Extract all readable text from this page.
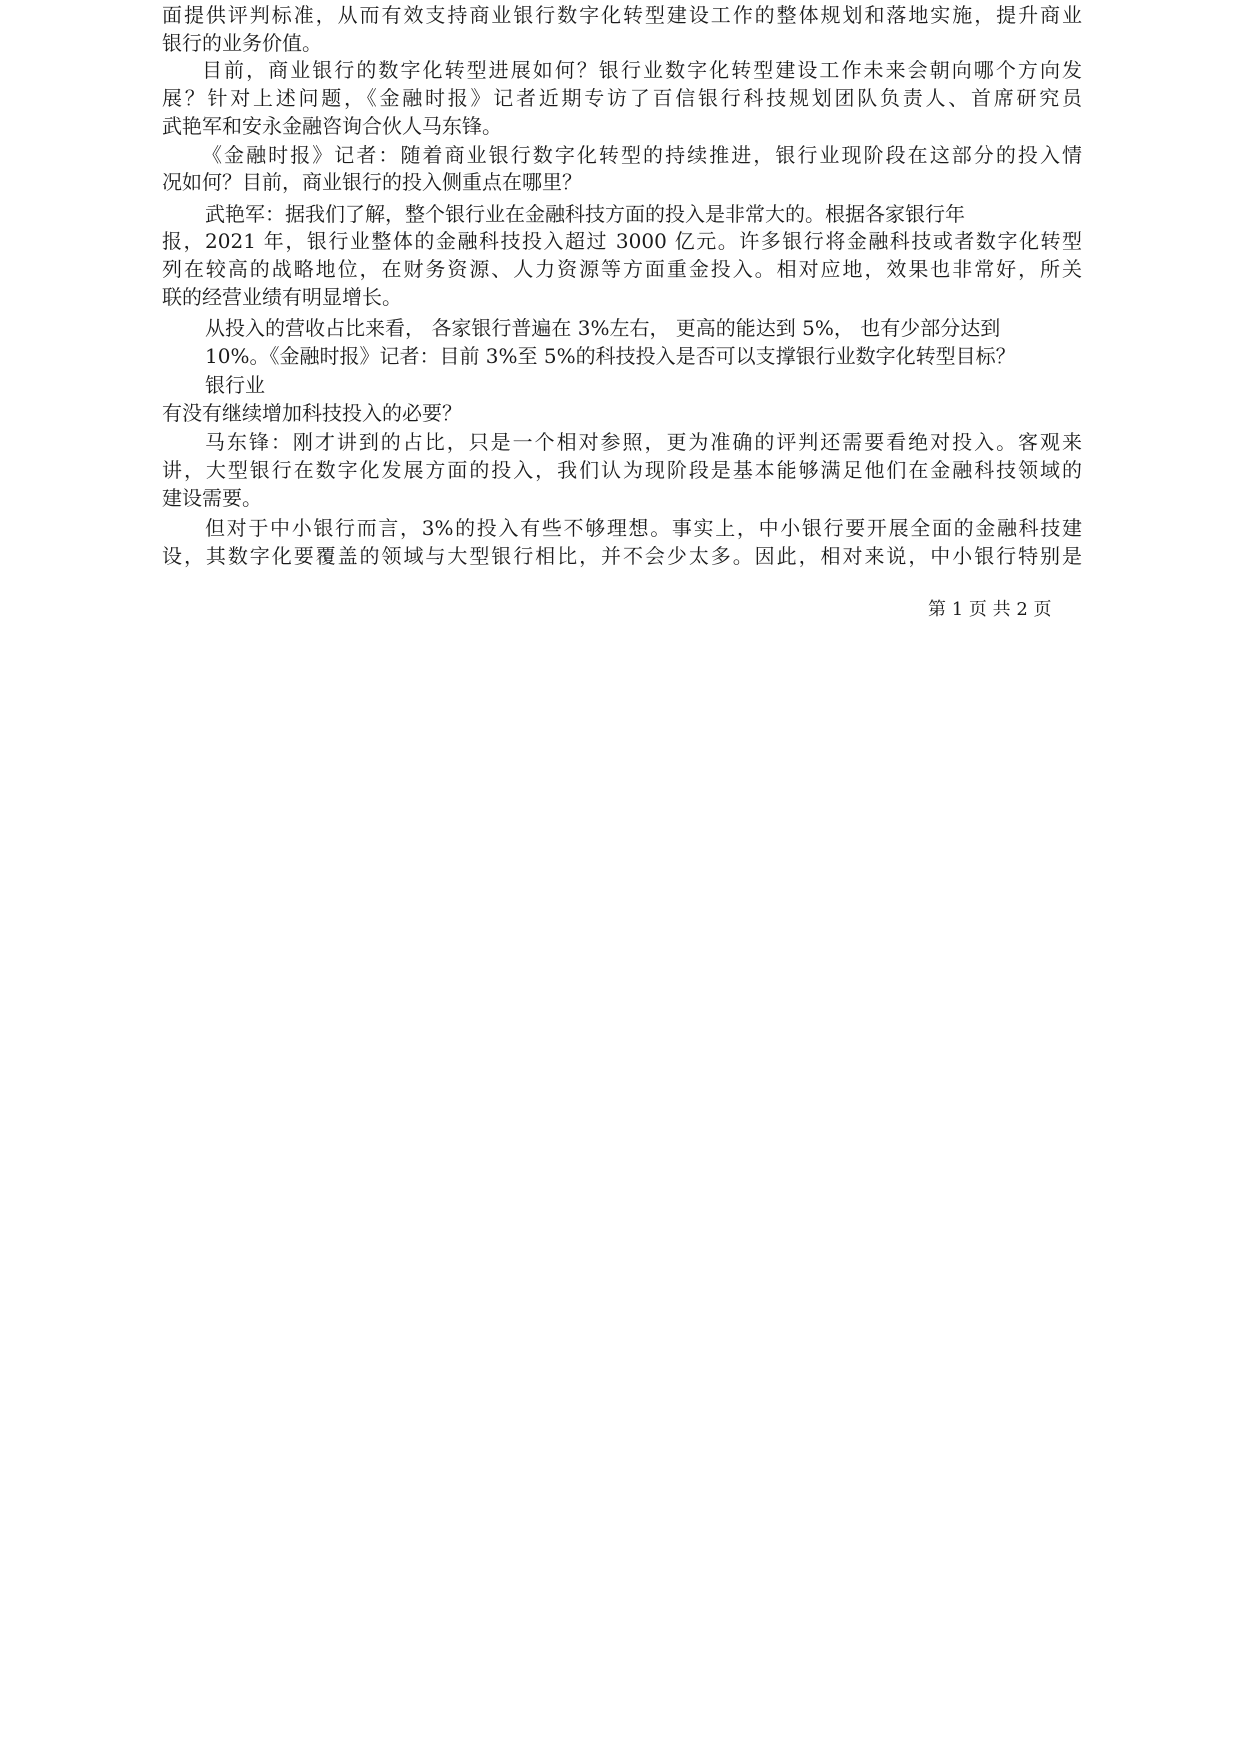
面提供评判标准，从而有效支持商业银行数字化转型建设工作的整体规划和落地实施，提升商业
银行的业务价值。
目前，商业银行的数字化转型进展如何？银行业数字化转型建设工作未来会朝向哪个方向发
展？针对上述问题，《金融时报》记者近期专访了百信银行科技规划团队负责人、首席研究员
武艳军和安永金融咨询合伙人马东锋。
《金融时报》记者：随着商业银行数字化转型的持续推进，银行业现阶段在这部分的投入情
况如何？目前，商业银行的投入侧重点在哪里？
武艳军：据我们了解，整个银行业在金融科技方面的投入是非常大的。根据各家银行年
报，2021 年，银行业整体的金融科技投入超过 3000 亿元。许多银行将金融科技或者数字化转型
列在较高的战略地位，在财务资源、人力资源等方面重金投入。相对应地，效果也非常好，所关
联的经营业绩有明显增长。
从投入的营收占比来看， 各家银行普遍在 3%左右， 更高的能达到 5%， 也有少部分达到
10%。《金融时报》记者：目前 3%至 5%的科技投入是否可以支撑银行业数字化转型目标？
银行业
有没有继续增加科技投入的必要？
马东锋：刚才讲到的占比，只是一个相对参照，更为准确的评判还需要看绝对投入。客观来
讲，大型银行在数字化发展方面的投入，我们认为现阶段是基本能够满足他们在金融科技领域的
建设需要。
但对于中小银行而言，3%的投入有些不够理想。事实上，中小银行要开展全面的金融科技建
设，其数字化要覆盖的领域与大型银行相比，并不会少太多。因此，相对来说，中小银行特别是
第 1 页 共 2 页
